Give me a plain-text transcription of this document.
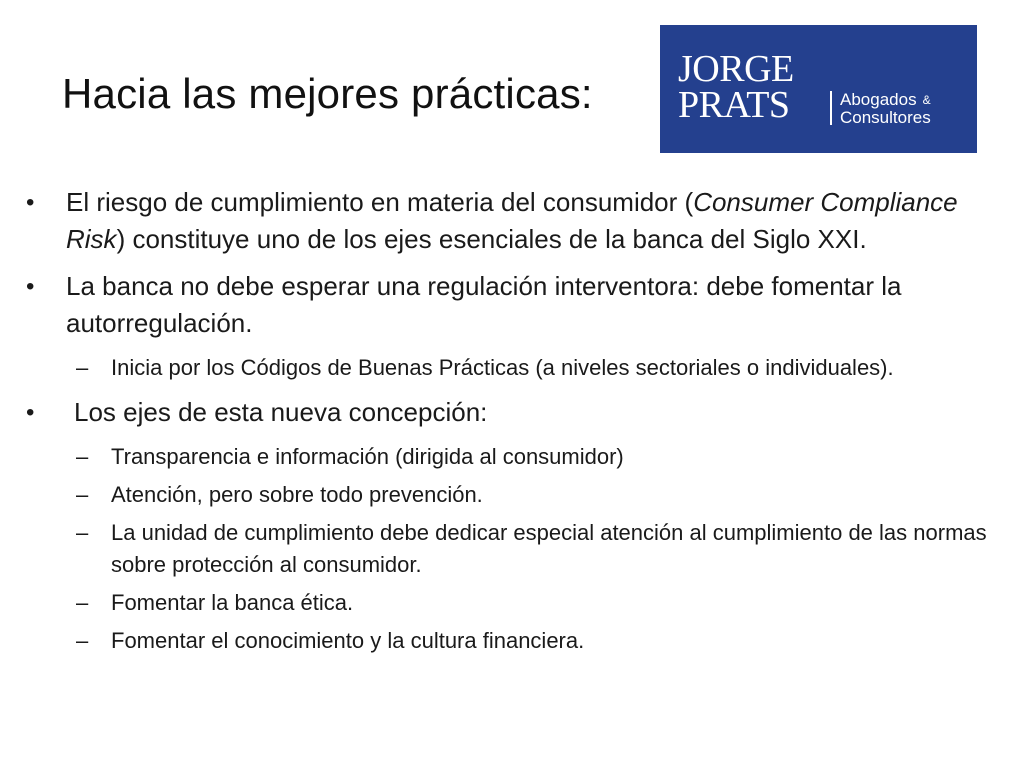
Hacia las mejores prácticas:
JORGE
PRATS	Abogados &
Consultores
•	El riesgo de cumplimiento en materia del consumidor (Consumer Compliance Risk) constituye uno de los ejes esenciales de la banca del Siglo XXI.
•	La banca no debe esperar una regulación interventora: debe fomentar la autorregulación.
–	Inicia por los Códigos de Buenas Prácticas (a niveles sectoriales o individuales).
•	Los ejes de esta nueva concepción:
–	Transparencia e información (dirigida al consumidor)
–	Atención, pero sobre todo prevención.
–	La unidad de cumplimiento debe dedicar especial atención al cumplimiento de las normas sobre protección al consumidor.
–	Fomentar la banca ética.
–	Fomentar el conocimiento y la cultura financiera.
